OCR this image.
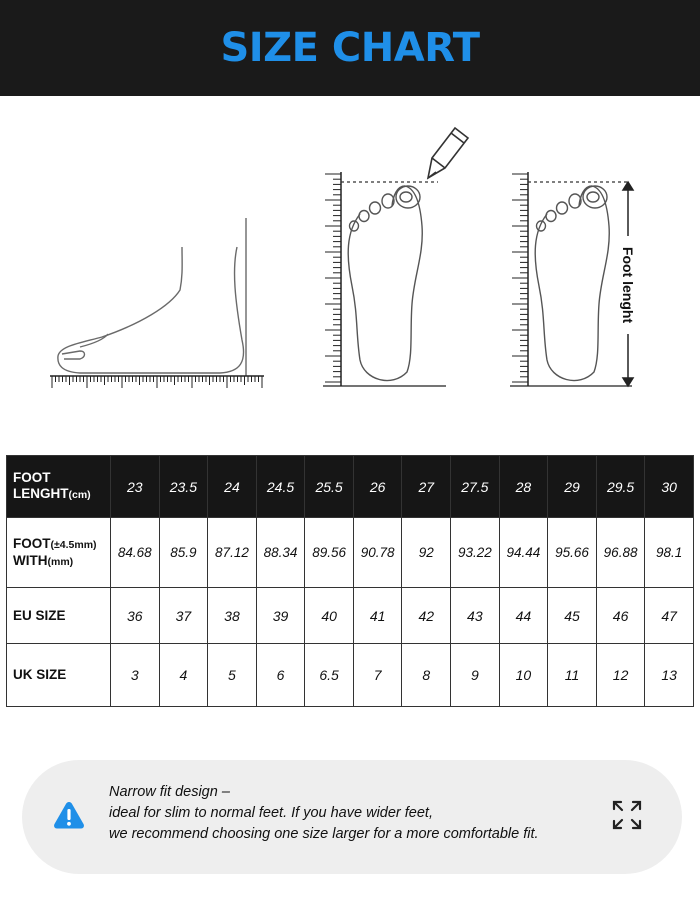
SIZE CHART
Foot lenght
FOOT
LENGHT(cm)	23	23.5	24	24.5	25.5	26	27	27.5	28	29	29.5	30
FOOT(±4.5mm)
WITH(mm)	84.68	85.9	87.12	88.34	89.56	90.78	92	93.22	94.44	95.66	96.88	98.1
EU SIZE	36	37	38	39	40	41	42	43	44	45	46	47
UK SIZE	3	4	5	6	6.5	7	8	9	10	11	12	13
Narrow fit design –
ideal for slim to normal feet. If you have wider feet,
we recommend choosing one size larger for a more comfortable fit.
